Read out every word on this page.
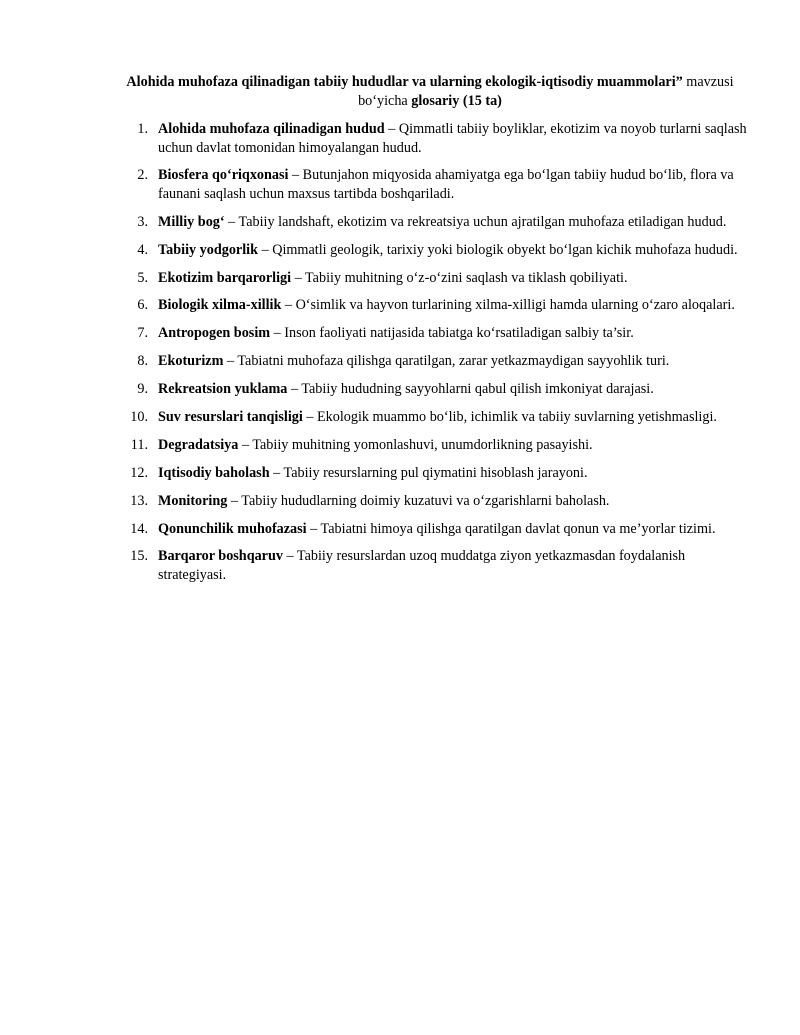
Alohida muhofaza qilinadigan tabiiy hududlar va ularning ekologik-iqtisodiy muammolari” mavzusi bo‘yicha glosariy (15 ta)
1. Alohida muhofaza qilinadigan hudud – Qimmatli tabiiy boyliklar, ekotizim va noyob turlarni saqlash uchun davlat tomonidan himoyalangan hudud.
2. Biosfera qo‘riqxonasi – Butunjahon miqyosida ahamiyatga ega bo‘lgan tabiiy hudud bo‘lib, flora va faunani saqlash uchun maxsus tartibda boshqariladi.
3. Milliy bog‘ – Tabiiy landshaft, ekotizim va rekreatsiya uchun ajratilgan muhofaza etiladigan hudud.
4. Tabiiy yodgorlik – Qimmatli geologik, tarixiy yoki biologik obyekt bo‘lgan kichik muhofaza hududi.
5. Ekotizim barqarorligi – Tabiiy muhitning o‘z-o‘zini saqlash va tiklash qobiliyati.
6. Biologik xilma-xillik – O‘simlik va hayvon turlarining xilma-xilligi hamda ularning o‘zaro aloqalari.
7. Antropogen bosim – Inson faoliyati natijasida tabiatga ko‘rsatiladigan salbiy ta’sir.
8. Ekoturizm – Tabiatni muhofaza qilishga qaratilgan, zarar yetkazmaydigan sayyohlik turi.
9. Rekreatsion yuklama – Tabiiy hududning sayyohlarni qabul qilish imkoniyat darajasi.
10. Suv resurslari tanqisligi – Ekologik muammo bo‘lib, ichimlik va tabiiy suvlarning yetishmasligi.
11. Degradatsiya – Tabiiy muhitning yomonlashuvi, unumdorlikning pasayishi.
12. Iqtisodiy baholash – Tabiiy resurslarning pul qiymatini hisoblash jarayoni.
13. Monitoring – Tabiiy hududlarning doimiy kuzatuvi va o‘zgarishlarni baholash.
14. Qonunchilik muhofazasi – Tabiatni himoya qilishga qaratilgan davlat qonun va me’yorlar tizimi.
15. Barqaror boshqaruv – Tabiiy resurslardan uzoq muddatga ziyon yetkazmasdan foydalanish strategiyasi.
